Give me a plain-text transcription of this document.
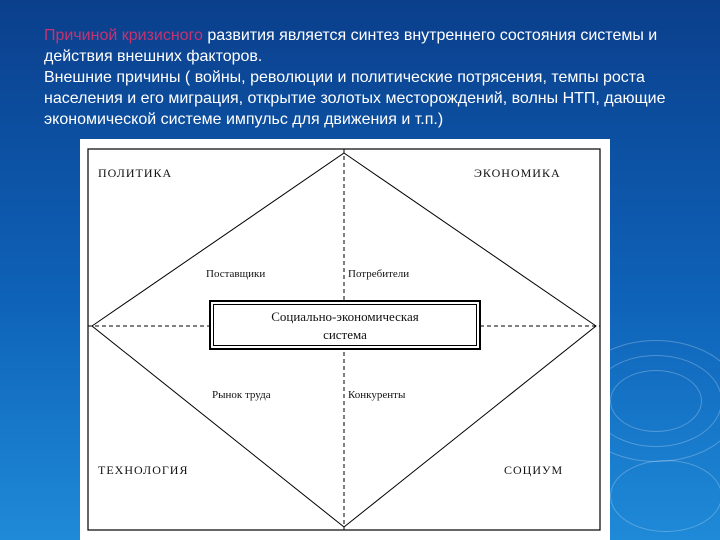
Причиной кризисного развития является синтез внутреннего состояния системы и действия внешних факторов.

Внешние причины ( войны, революции и политические потрясения, темпы роста населения и его миграция, открытие золотых месторождений, волны НТП, дающие экономической системе импульс для движения и т.п.)

ПОЛИТИКА	ЭКОНОМИКА
ТЕХНОЛОГИЯ	СОЦИУМ
Поставщики	Потребители
Рынок труда	Конкуренты
Социально-экономическая
система
